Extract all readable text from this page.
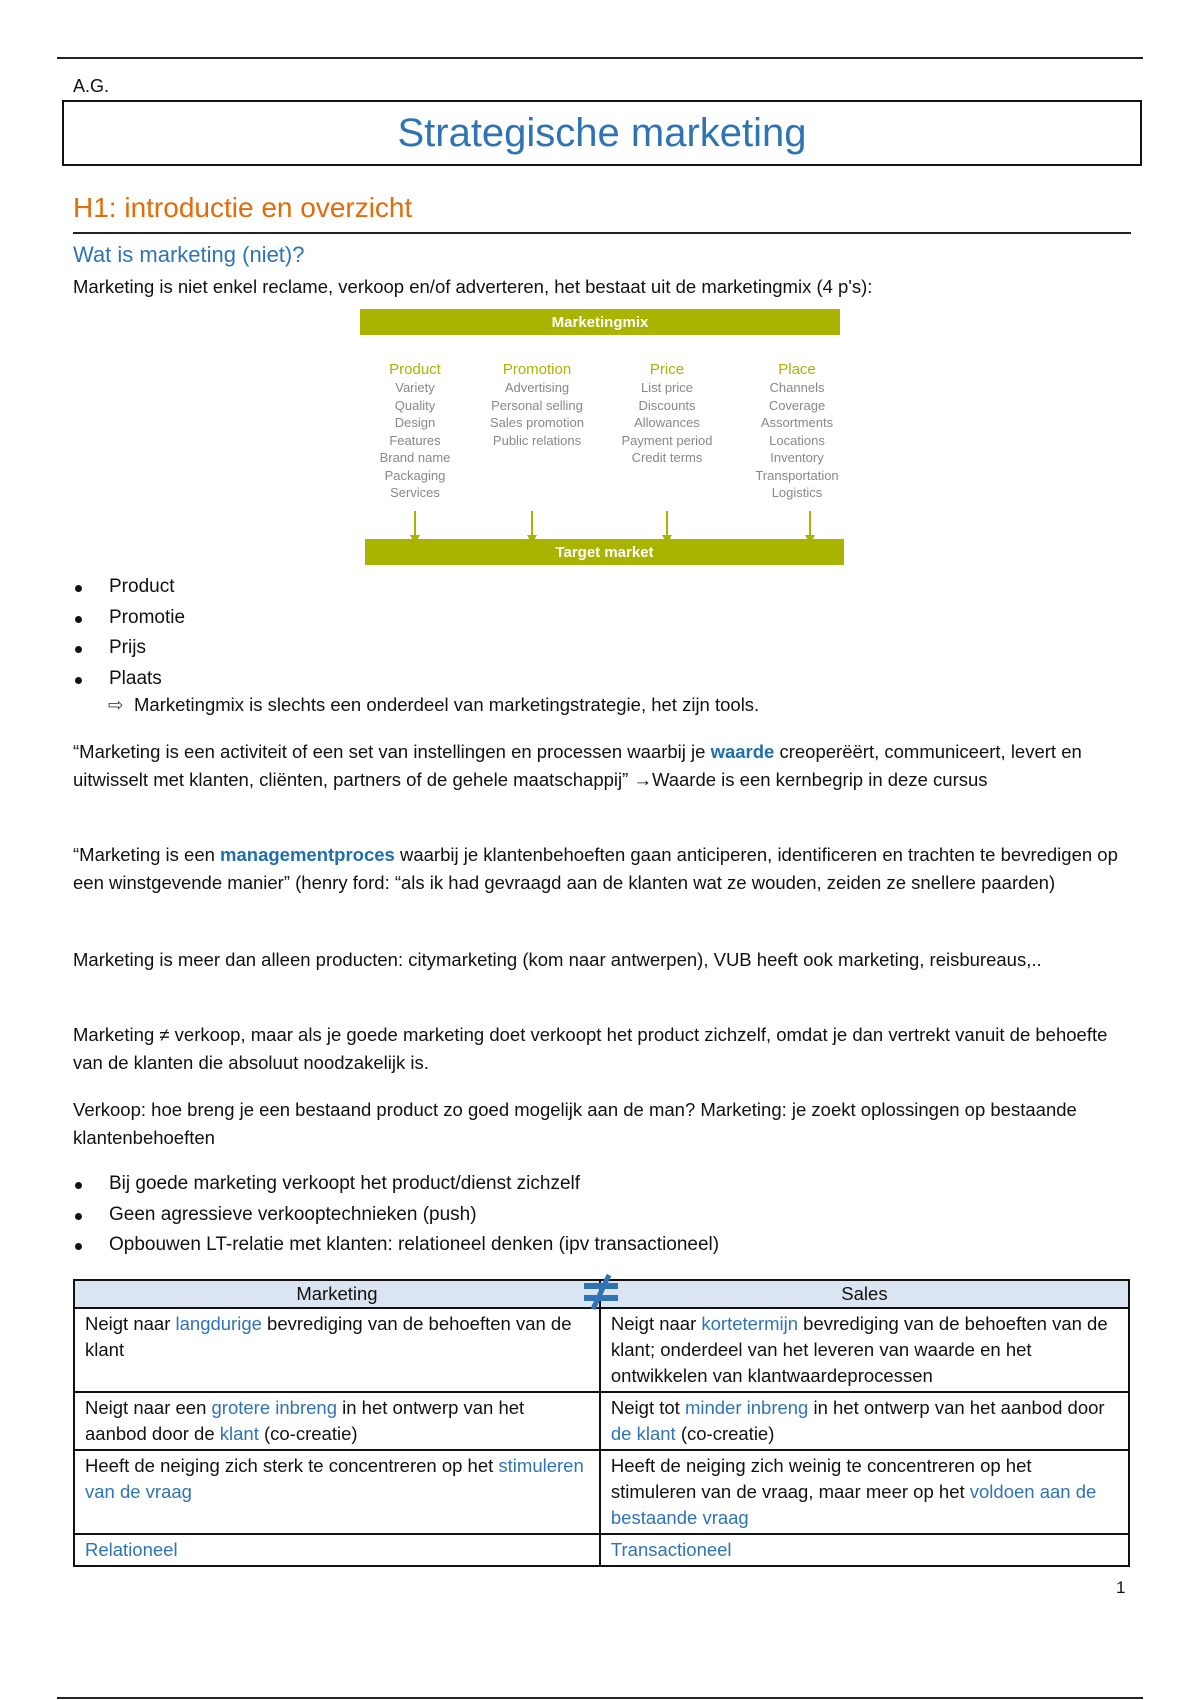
A.G.
Strategische marketing
H1: introductie en overzicht
Wat is marketing (niet)?
Marketing is niet enkel reclame, verkoop en/of adverteren, het bestaat uit de marketingmix (4 p's):
Marketingmix
Product
Variety
Quality
Design
Features
Brand name
Packaging
Services
Promotion
Advertising
Personal selling
Sales promotion
Public relations
Price
List price
Discounts
Allowances
Payment period
Credit terms
Place
Channels
Coverage
Assortments
Locations
Inventory
Transportation
Logistics
Target market
Product
Promotie
Prijs
Plaats
⇨ Marketingmix is slechts een onderdeel van marketingstrategie, het zijn tools.
“Marketing is een activiteit of een set van instellingen en processen waarbij je waarde creoperëërt, communiceert, levert en uitwisselt met klanten, cliënten, partners of de gehele maatschappij” →Waarde is een kernbegrip in deze cursus
“Marketing is een managementproces waarbij je klantenbehoeften gaan anticiperen, identificeren en trachten te bevredigen op een winstgevende manier” (henry ford: “als ik had gevraagd aan de klanten wat ze wouden, zeiden ze snellere paarden)
Marketing is meer dan alleen producten: citymarketing (kom naar antwerpen), VUB heeft ook marketing, reisbureaus,..
Marketing ≠ verkoop, maar als je goede marketing doet verkoopt het product zichzelf, omdat je dan vertrekt vanuit de behoefte van de klanten die absoluut noodzakelijk is.
Verkoop: hoe breng je een bestaand product zo goed mogelijk aan de man? Marketing: je zoekt oplossingen op bestaande klantenbehoeften
Bij goede marketing verkoopt het product/dienst zichzelf
Geen agressieve verkooptechnieken (push)
Opbouwen LT-relatie met klanten: relationeel denken (ipv transactioneel)
Marketing	Sales
Neigt naar langdurige bevrediging van de behoeften van de klant	Neigt naar kortetermijn bevrediging van de behoeften van de klant; onderdeel van het leveren van waarde en het ontwikkelen van klantwaardeprocessen
Neigt naar een grotere inbreng in het ontwerp van het aanbod door de klant (co-creatie)	Neigt tot minder inbreng in het ontwerp van het aanbod door de klant (co-creatie)
Heeft de neiging zich sterk te concentreren op het stimuleren van de vraag	Heeft de neiging zich weinig te concentreren op het stimuleren van de vraag, maar meer op het voldoen aan de bestaande vraag
Relationeel	Transactioneel
1
